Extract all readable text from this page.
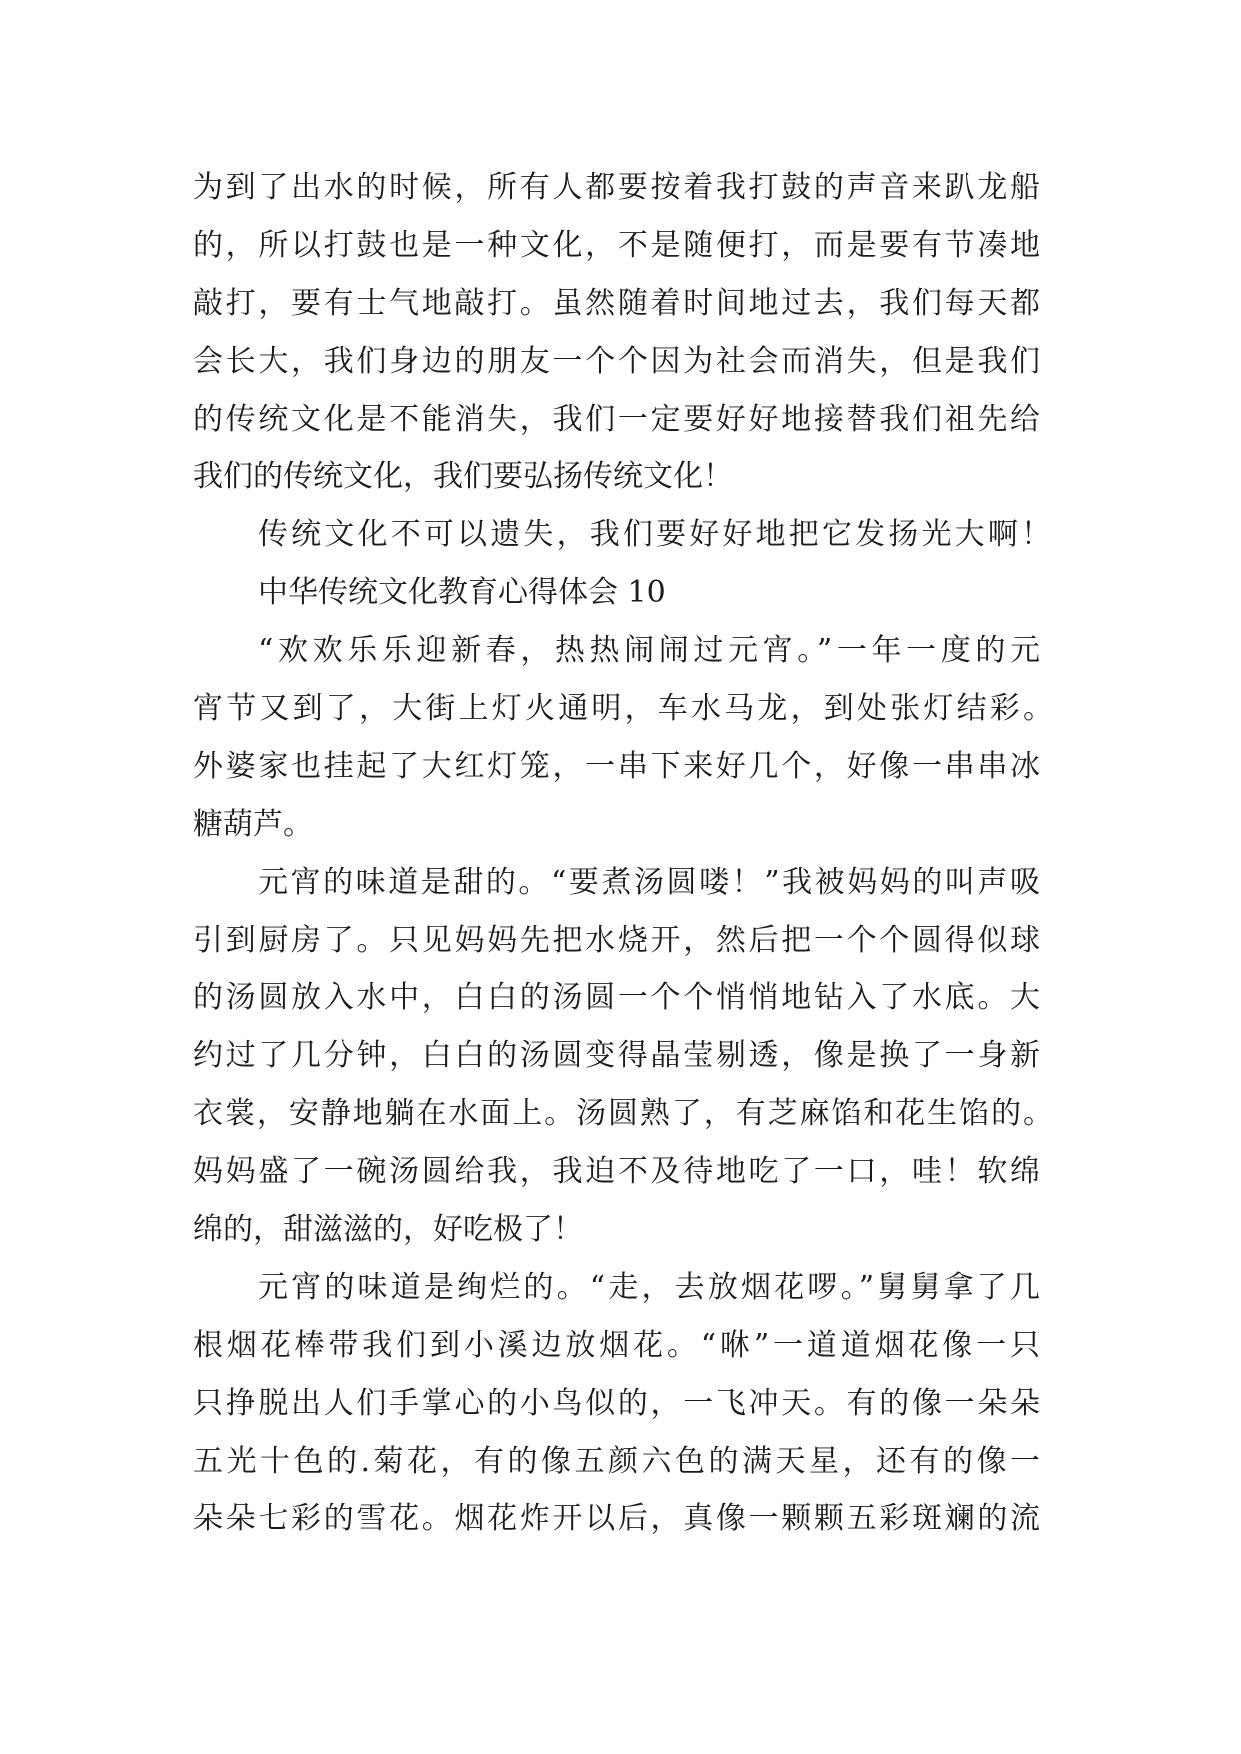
为到了出水的时候，所有人都要按着我打鼓的声音来趴龙船
的，所以打鼓也是一种文化，不是随便打，而是要有节凑地
敲打，要有士气地敲打。虽然随着时间地过去，我们每天都
会长大，我们身边的朋友一个个因为社会而消失，但是我们
的传统文化是不能消失，我们一定要好好地接替我们祖先给
我们的传统文化，我们要弘扬传统文化！
传统文化不可以遗失，我们要好好地把它发扬光大啊！
中华传统文化教育心得体会 10
“欢欢乐乐迎新春，热热闹闹过元宵。”一年一度的元
宵节又到了，大街上灯火通明，车水马龙，到处张灯结彩。
外婆家也挂起了大红灯笼，一串下来好几个，好像一串串冰
糖葫芦。
元宵的味道是甜的。“要煮汤圆喽！”我被妈妈的叫声吸
引到厨房了。只见妈妈先把水烧开，然后把一个个圆得似球
的汤圆放入水中，白白的汤圆一个个悄悄地钻入了水底。大
约过了几分钟，白白的汤圆变得晶莹剔透，像是换了一身新
衣裳，安静地躺在水面上。汤圆熟了，有芝麻馅和花生馅的。
妈妈盛了一碗汤圆给我，我迫不及待地吃了一口，哇！软绵
绵的，甜滋滋的，好吃极了！
元宵的味道是绚烂的。“走，去放烟花啰。”舅舅拿了几
根烟花棒带我们到小溪边放烟花。“咻”一道道烟花像一只
只挣脱出人们手掌心的小鸟似的，一飞冲天。有的像一朵朵
五光十色的.菊花，有的像五颜六色的满天星，还有的像一
朵朵七彩的雪花。烟花炸开以后，真像一颗颗五彩斑斓的流
